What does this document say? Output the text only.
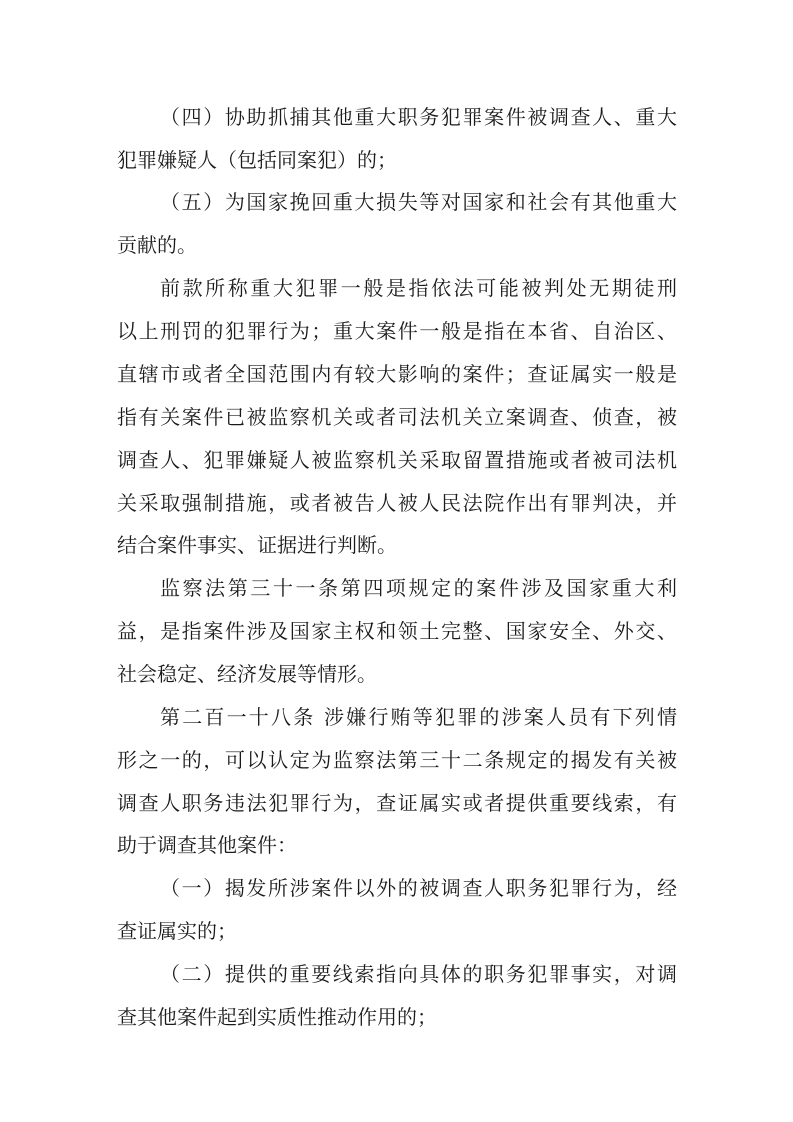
（四）协助抓捕其他重大职务犯罪案件被调查人、重大
犯罪嫌疑人（包括同案犯）的；
（五）为国家挽回重大损失等对国家和社会有其他重大
贡献的。
前款所称重大犯罪一般是指依法可能被判处无期徒刑
以上刑罚的犯罪行为；重大案件一般是指在本省、自治区、
直辖市或者全国范围内有较大影响的案件；查证属实一般是
指有关案件已被监察机关或者司法机关立案调查、侦查，被
调查人、犯罪嫌疑人被监察机关采取留置措施或者被司法机
关采取强制措施，或者被告人被人民法院作出有罪判决，并
结合案件事实、证据进行判断。
监察法第三十一条第四项规定的案件涉及国家重大利
益，是指案件涉及国家主权和领土完整、国家安全、外交、
社会稳定、经济发展等情形。
第二百一十八条 涉嫌行贿等犯罪的涉案人员有下列情
形之一的，可以认定为监察法第三十二条规定的揭发有关被
调查人职务违法犯罪行为，查证属实或者提供重要线索，有
助于调查其他案件：
（一）揭发所涉案件以外的被调查人职务犯罪行为，经
查证属实的；
（二）提供的重要线索指向具体的职务犯罪事实，对调
查其他案件起到实质性推动作用的；
